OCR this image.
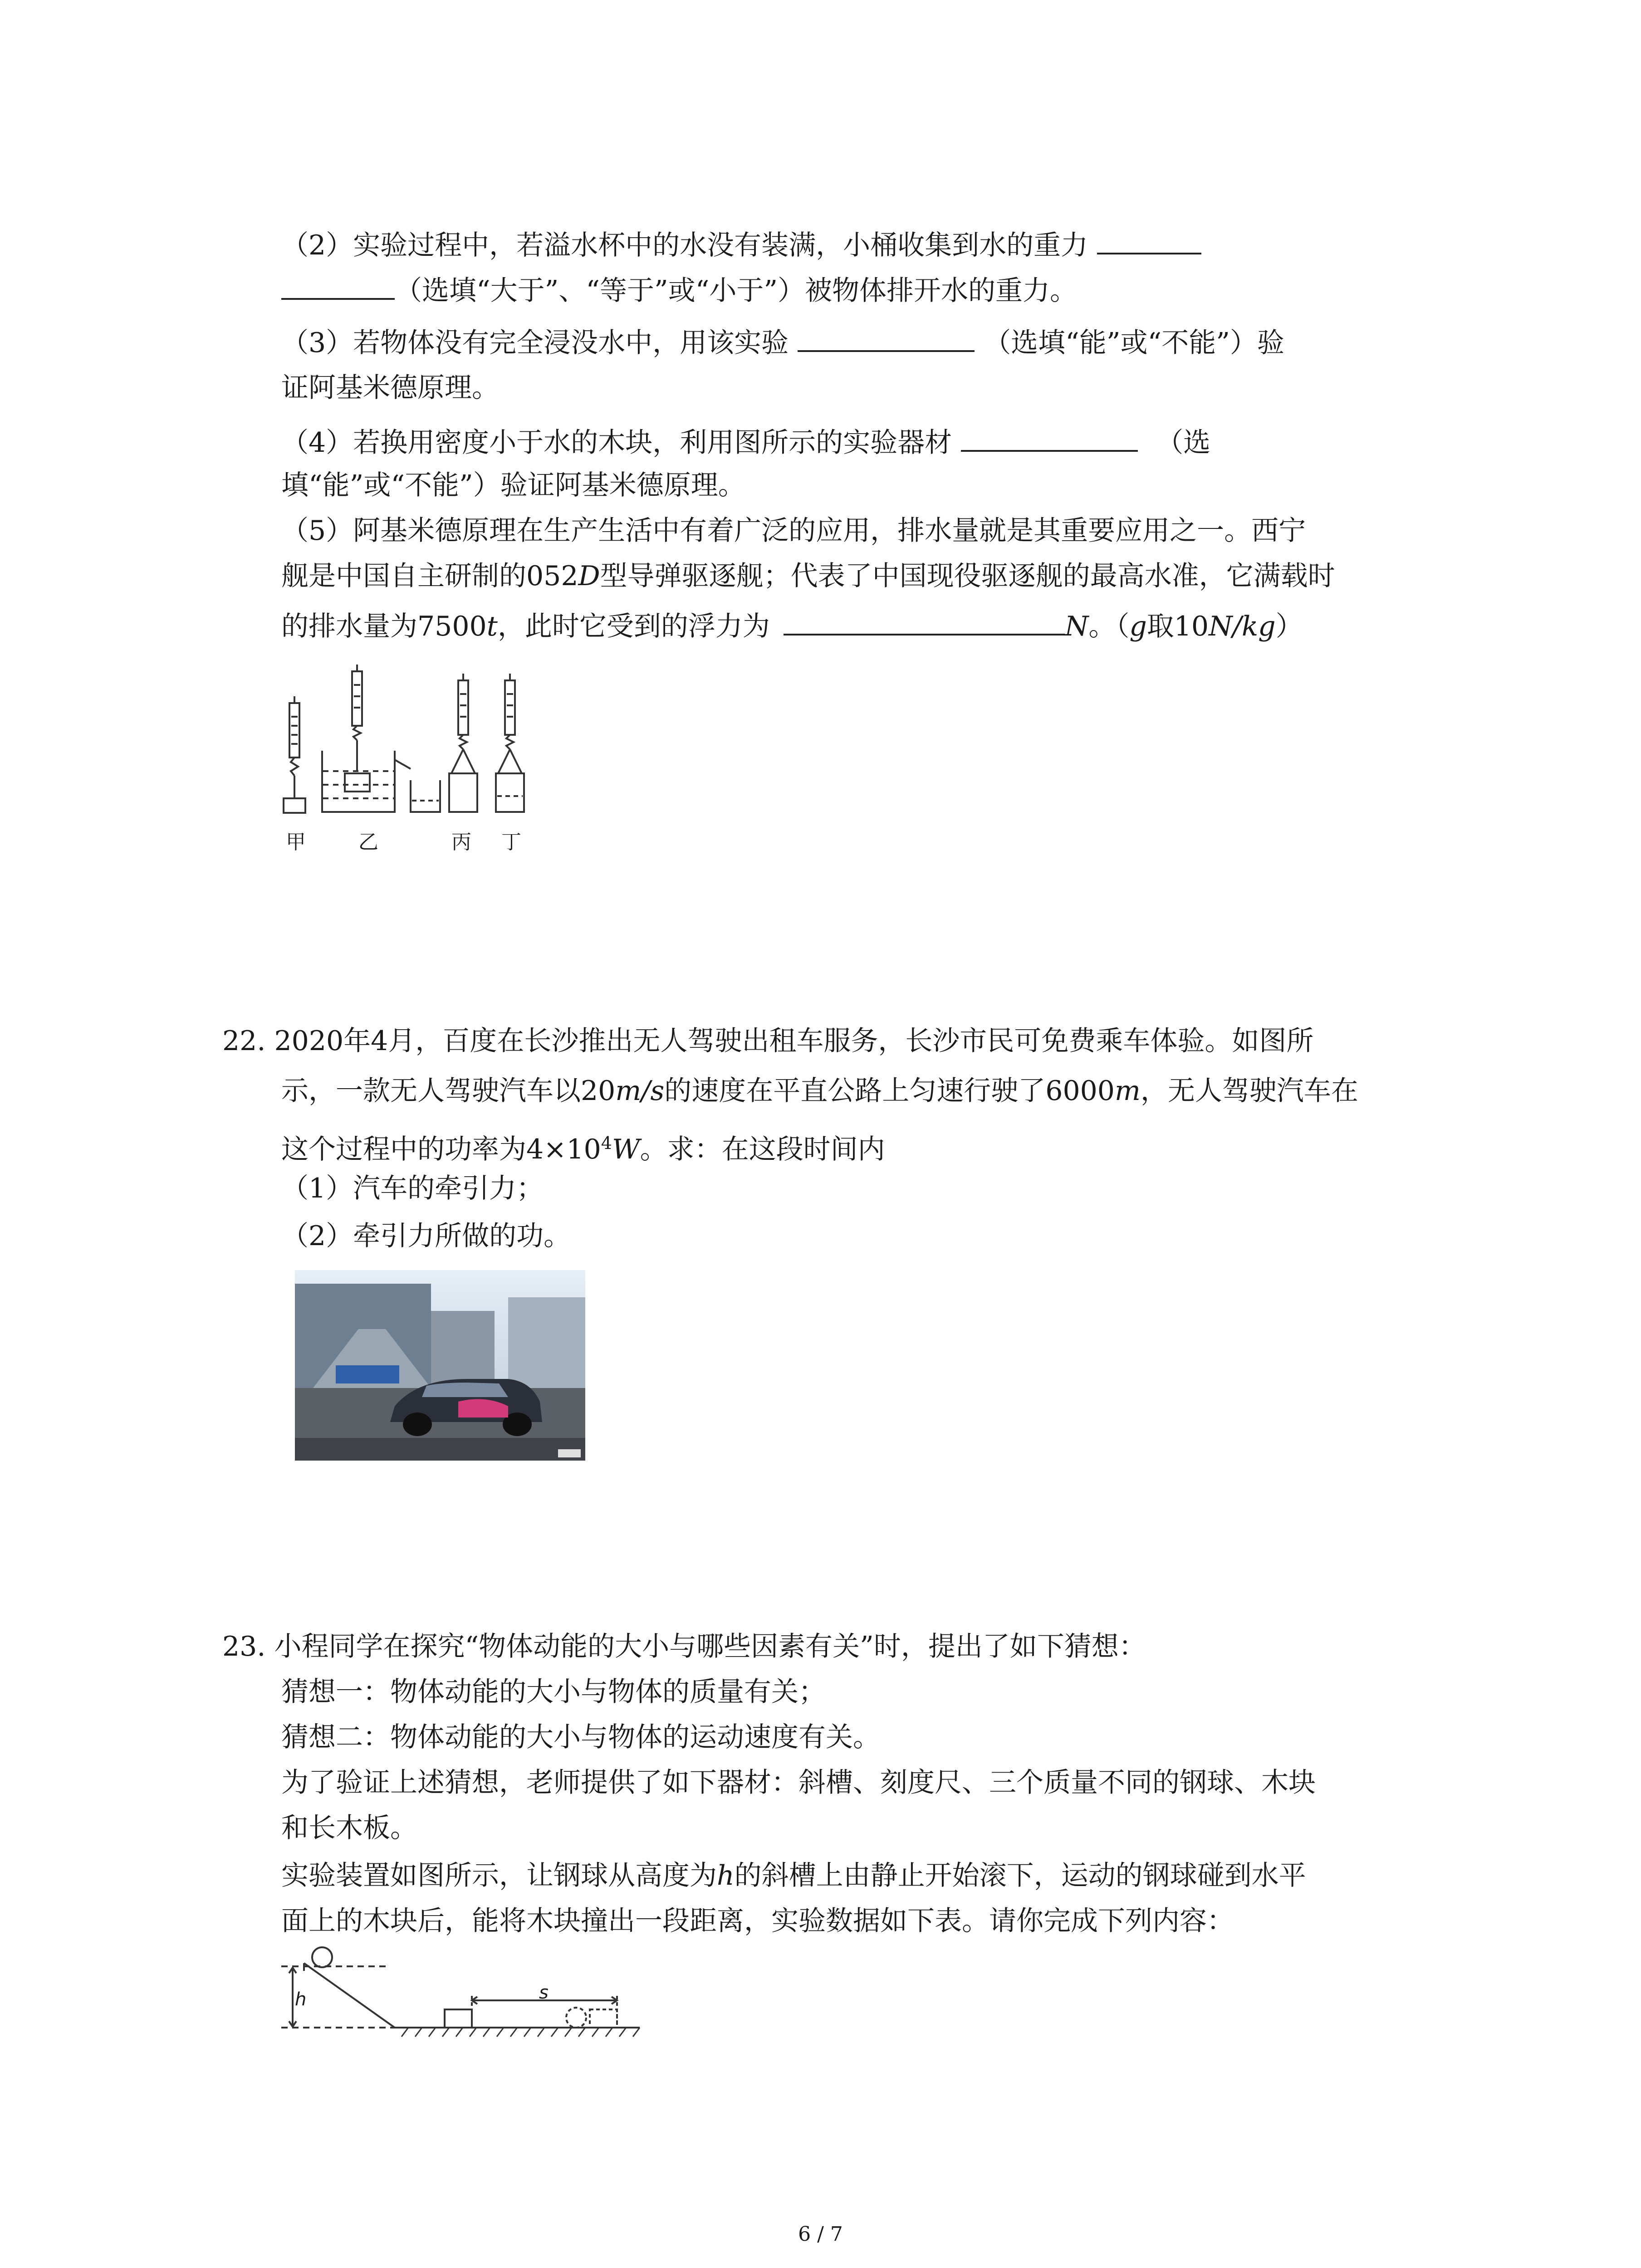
（2）实验过程中，若溢水杯中的水没有装满，小桶收集到水的重力
（选填“大于”、“等于”或“小于”）被物体排开水的重力。
（3）若物体没有完全浸没水中，用该实验	（选填“能”或“不能”）验
证阿基米德原理。
（4）若换用密度小于水的木块，利用图所示的实验器材	（选
填“能”或“不能”）验证阿基米德原理。
（5）阿基米德原理在生产生活中有着广泛的应用，排水量就是其重要应用之一。西宁
舰是中国自主研制的052D型导弹驱逐舰；代表了中国现役驱逐舰的最高水准，它满载时
的排水量为7500t，此时它受到的浮力为	N。（g取10N/kg）
甲	乙	丙 丁
22. 2020年4月，百度在长沙推出无人驾驶出租车服务，长沙市民可免费乘车体验。如图所
示，一款无人驾驶汽车以20m/s的速度在平直公路上匀速行驶了6000m，无人驾驶汽车在
这个过程中的功率为$4\times 10^4W$。求：在这段时间内
（1）汽车的牵引力；
（2）牵引力所做的功。
23. 小程同学在探究“物体动能的大小与哪些因素有关”时，提出了如下猜想：
猜想一：物体动能的大小与物体的质量有关；
猜想二：物体动能的大小与物体的运动速度有关。
为了验证上述猜想，老师提供了如下器材：斜槽、刻度尺、三个质量不同的钢球、木块
和长木板。
实验装置如图所示，让钢球从高度为h的斜槽上由静止开始滚下，运动的钢球碰到水平
面上的木块后，能将木块撞出一段距离，实验数据如下表。请你完成下列内容：
h	s
6 / 7
